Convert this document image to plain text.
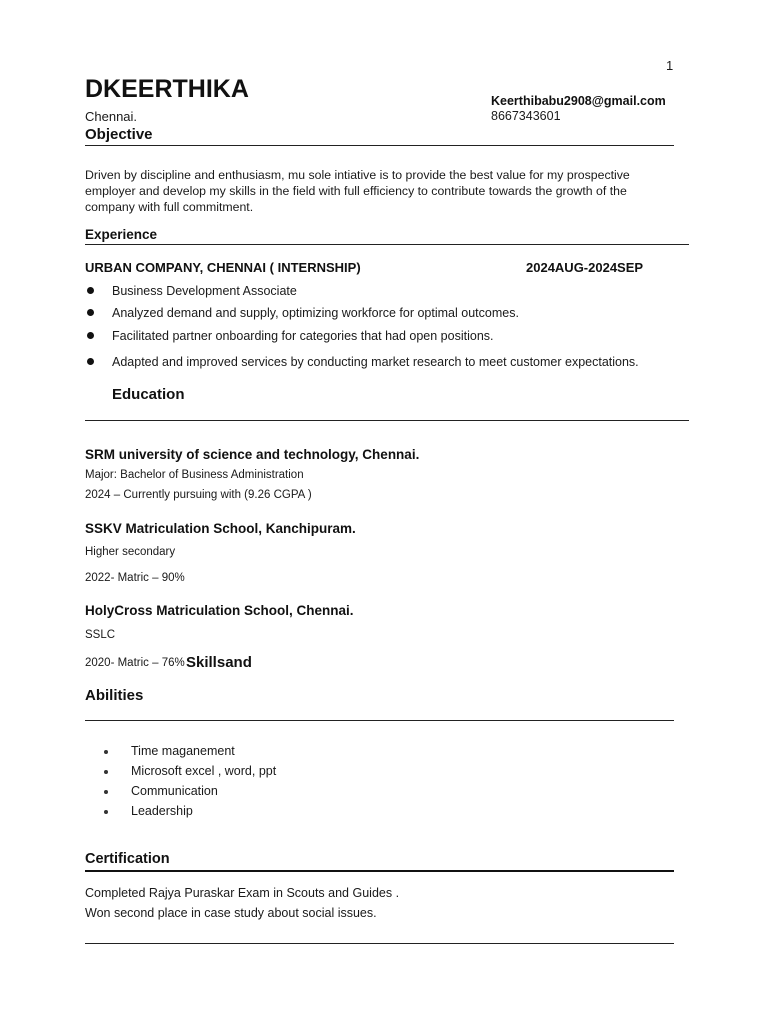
1
DKEERTHIKA
Chennai.
Keerthibabu2908@gmail.com
8667343601
Objective
Driven by discipline and enthusiasm, mu sole intiative is to provide the best value for my prospective
employer and develop my skills in the field with full efficiency to contribute towards the growth of the
company with full commitment.
Experience
URBAN COMPANY, CHENNAI ( INTERNSHIP)	2024AUG-2024SEP
Business Development Associate
Analyzed demand and supply, optimizing workforce for optimal outcomes.
Facilitated partner onboarding for categories that had open positions.
Adapted and improved services by conducting market research to meet customer expectations.
Education
SRM university of science and technology, Chennai.
Major: Bachelor of Business Administration
2024 – Currently pursuing with (9.26 CGPA )
SSKV Matriculation School, Kanchipuram.
Higher secondary
2022- Matric – 90%
HolyCross Matriculation School, Chennai.
SSLC
2020- Matric – 76% Skillsand
Abilities
Time maganement
Microsoft excel , word, ppt
Communication
Leadership
Certification
Completed Rajya Puraskar Exam in Scouts and Guides .
Won second place in case study about social issues.
